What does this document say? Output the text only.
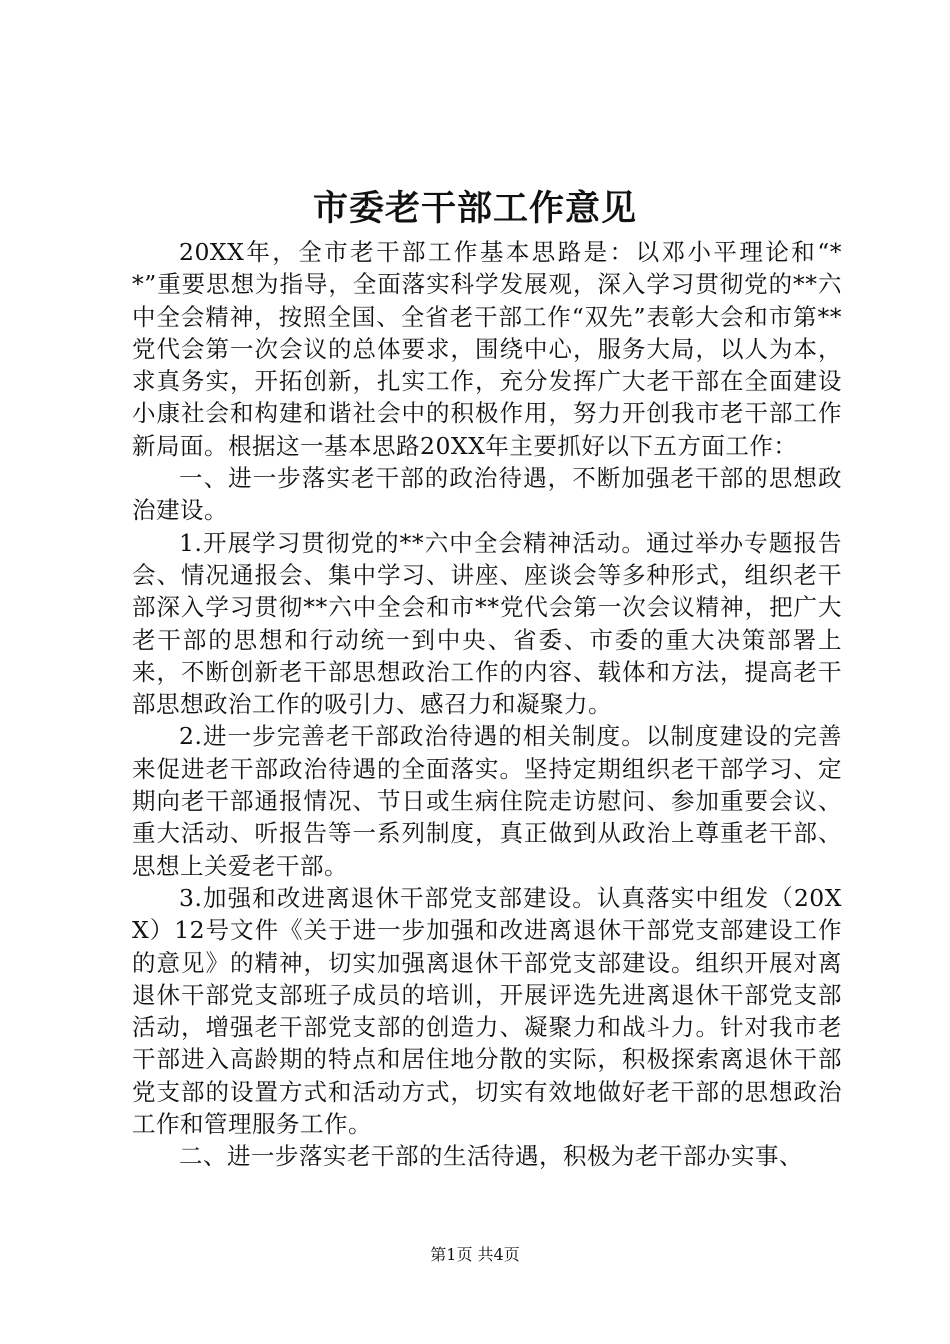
市委老干部工作意见

20XX年，全市老干部工作基本思路是：以邓小平理论和“**”重要思想为指导，全面落实科学发展观，深入学习贯彻党的**六中全会精神，按照全国、全省老干部工作“双先”表彰大会和市第**党代会第一次会议的总体要求，围绕中心，服务大局，以人为本，求真务实，开拓创新，扎实工作，充分发挥广大老干部在全面建设小康社会和构建和谐社会中的积极作用，努力开创我市老干部工作新局面。根据这一基本思路20XX年主要抓好以下五方面工作：

一、进一步落实老干部的政治待遇，不断加强老干部的思想政治建设。

1.开展学习贯彻党的**六中全会精神活动。通过举办专题报告会、情况通报会、集中学习、讲座、座谈会等多种形式，组织老干部深入学习贯彻**六中全会和市**党代会第一次会议精神，把广大老干部的思想和行动统一到中央、省委、市委的重大决策部署上来，不断创新老干部思想政治工作的内容、载体和方法，提高老干部思想政治工作的吸引力、感召力和凝聚力。

2.进一步完善老干部政治待遇的相关制度。以制度建设的完善来促进老干部政治待遇的全面落实。坚持定期组织老干部学习、定期向老干部通报情况、节日或生病住院走访慰问、参加重要会议、重大活动、听报告等一系列制度，真正做到从政治上尊重老干部、思想上关爱老干部。

3.加强和改进离退休干部党支部建设。认真落实中组发（20XX）12号文件《关于进一步加强和改进离退休干部党支部建设工作的意见》的精神，切实加强离退休干部党支部建设。组织开展对离退休干部党支部班子成员的培训，开展评选先进离退休干部党支部活动，增强老干部党支部的创造力、凝聚力和战斗力。针对我市老干部进入高龄期的特点和居住地分散的实际，积极探索离退休干部党支部的设置方式和活动方式，切实有效地做好老干部的思想政治工作和管理服务工作。

二、进一步落实老干部的生活待遇，积极为老干部办实事、

第1页 共4页
